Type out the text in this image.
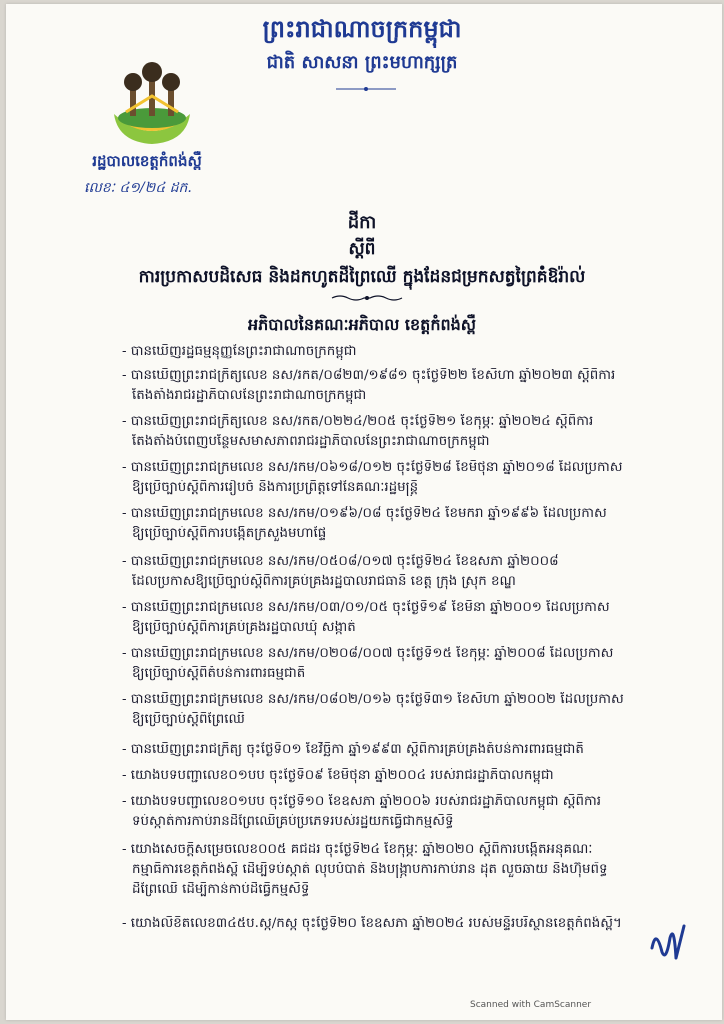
ព្រះរាជាណាចក្រកម្ពុជា
ជាតិ សាសនា ព្រះមហាក្សត្រ
រដ្ឋបាលខេត្តកំពង់ស្ពឺ
លេខៈ ៤១/២៤ ដក.
ដីកា
ស្ដីពី
ការប្រកាសបដិសេធ និងដកហូតដីព្រៃឈើ ក្នុងដែនជម្រកសត្វព្រៃគំ់ឱរ៉ាល់
អភិបាលនៃគណៈអភិបាល ខេត្តកំពង់ស្ពឺ
- បានឃើញរដ្ឋធម្មនុញ្ញនៃព្រះរាជាណាចក្រកម្ពុជា
- បានឃើញព្រះរាជក្រឹត្យលេខ នស/រកត/០៨២៣/១៩៨១ ចុះថ្ងៃទី២២ ខែសីហា ឆ្នាំ២០២៣ ស្ដីពីការ
តែងតាំងរាជរដ្ឋាភិបាលនៃព្រះរាជាណាចក្រកម្ពុជា
- បានឃើញព្រះរាជក្រឹត្យលេខ នស/រកត/០២២៤/២០៥ ចុះថ្ងៃទី២១ ខែកុម្ភៈ ឆ្នាំ២០២៤ ស្ដីពីការ
តែងតាំងបំពេញបន្ថែមសមាសភាពរាជរដ្ឋាភិបាលនៃព្រះរាជាណាចក្រកម្ពុជា
- បានឃើញព្រះរាជក្រមលេខ នស/រកម/០៦១៨/០១២ ចុះថ្ងៃទី២៨ ខែមិថុនា ឆ្នាំ២០១៨ ដែលប្រកាស
ឱ្យប្រើច្បាប់ស្ដីពីការរៀបចំ និងការប្រព្រឹត្តទៅនៃគណៈរដ្ឋមន្ត្រី
- បានឃើញព្រះរាជក្រមលេខ នស/រកម/០១៩៦/០៨ ចុះថ្ងៃទី២៤ ខែមករា ឆ្នាំ១៩៩៦ ដែលប្រកាស
ឱ្យប្រើច្បាប់ស្ដីពីការបង្កើតក្រសួងមហាផ្ទៃ
- បានឃើញព្រះរាជក្រមលេខ នស/រកម/០៥០៨/០១៧ ចុះថ្ងៃទី២៤ ខែឧសភា ឆ្នាំ២០០៨
ដែលប្រកាសឱ្យប្រើច្បាប់ស្ដីពីការគ្រប់គ្រងរដ្ឋបាលរាជធានី ខេត្ត ក្រុង ស្រុក ខណ្ឌ
- បានឃើញព្រះរាជក្រមលេខ នស/រកម/០៣/០១/០៥ ចុះថ្ងៃទី១៩ ខែមីនា ឆ្នាំ២០០១ ដែលប្រកាស
ឱ្យប្រើច្បាប់ស្ដីពីការគ្រប់គ្រងរដ្ឋបាលឃុំ សង្កាត់
- បានឃើញព្រះរាជក្រមលេខ នស/រកម/០២០៨/០០៧ ចុះថ្ងៃទី១៥ ខែកុម្ភៈ ឆ្នាំ២០០៨ ដែលប្រកាស
ឱ្យប្រើច្បាប់ស្ដីពីតំបន់ការពារធម្មជាតិ
- បានឃើញព្រះរាជក្រមលេខ នស/រកម/០៨០២/០១៦ ចុះថ្ងៃទី៣១ ខែសីហា ឆ្នាំ២០០២ ដែលប្រកាស
ឱ្យប្រើច្បាប់ស្ដីពីព្រៃឈើ
- បានឃើញព្រះរាជក្រឹត្យ ចុះថ្ងៃទី០១ ខែវិច្ឆិកា ឆ្នាំ១៩៩៣ ស្ដីពីការគ្រប់គ្រងតំបន់ការពារធម្មជាតិ
- យោងបទបញ្ជាលេខ០១បប ចុះថ្ងៃទី០៩ ខែមិថុនា ឆ្នាំ២០០៤ របស់រាជរដ្ឋាភិបាលកម្ពុជា
- យោងបទបញ្ជាលេខ០១បប ចុះថ្ងៃទី១០ ខែឧសភា ឆ្នាំ២០០៦ របស់រាជរដ្ឋាភិបាលកម្ពុជា ស្ដីពីការ
ទប់ស្កាត់ការកាប់រានដីព្រៃឈើគ្រប់ប្រភេទរបស់រដ្ឋយកធ្វើជាកម្មសិទ្ធិ
- យោងសេចក្ដីសម្រេចលេខ០០៥ គជដរ ចុះថ្ងៃទី២៤ ខែកុម្ភៈ ឆ្នាំ២០២០ ស្ដីពីការបង្កើតអនុគណៈ
កម្មាធិការខេត្តកំពង់ស្ពឺ ដើម្បីទប់ស្កាត់ លុបបំបាត់ និងបង្ក្រាបការកាប់រាន ដុត លួចឆាយ និងហ៊ុមព័ទ្ធ
ដីព្រៃឈើ ដើម្បីកាន់កាប់ដីធ្វើកម្មសិទ្ធិ
- យោងលិខិតលេខ៣៤៥ប.ស្ក/កស្ក ចុះថ្ងៃទី២០ ខែឧសភា ឆ្នាំ២០២៤ របស់មន្ទីរបរិស្ថានខេត្តកំពង់ស្ពឺ។
Scanned with CamScanner
